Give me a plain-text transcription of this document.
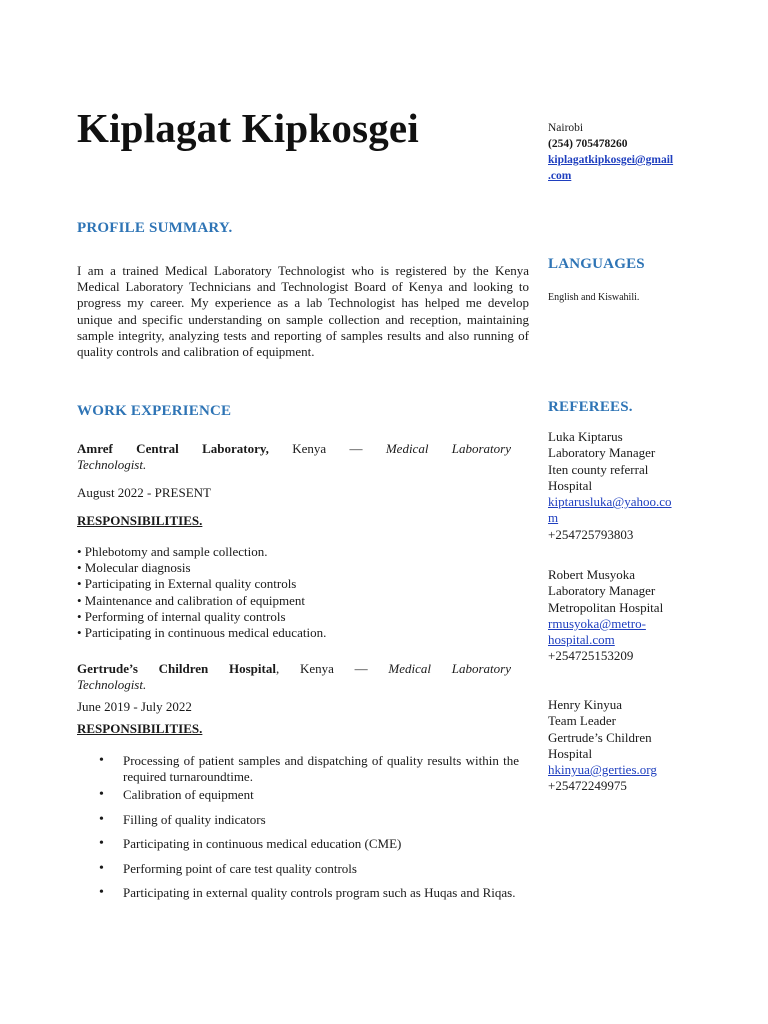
Kiplagat Kipkosgei	Nairobi
(254) 705478260
kiplagatkipkosgei@gmail
.com
PROFILE SUMMARY.
I am a trained Medical Laboratory Technologist who is registered by the Kenya Medical Laboratory Technicians and Technologist Board of Kenya and looking to progress my career. My experience as a lab Technologist has helped me develop unique and specific understanding on sample collection and reception, maintaining sample integrity, analyzing tests and reporting of samples results and also running of quality controls and calibration of equipment.
LANGUAGES
English and Kiswahili.
WORK EXPERIENCE
Amref Central Laboratory, Kenya — Medical Laboratory
Technologist.
August 2022 - PRESENT
RESPONSIBILITIES.
• Phlebotomy and sample collection.
• Molecular diagnosis
• Participating in External quality controls
• Maintenance and calibration of equipment
• Performing of internal quality controls
• Participating in continuous medical education.
Gertrude’s Children Hospital, Kenya — Medical Laboratory
Technologist.
June 2019 - July 2022
RESPONSIBILITIES.
• Processing of patient samples and dispatching of quality results within the required turnaroundtime.
• Calibration of equipment
• Filling of quality indicators
• Participating in continuous medical education (CME)
• Performing point of care test quality controls
• Participating in external quality controls program such as Huqas and Riqas.
REFEREES.
Luka Kiptarus
Laboratory Manager
Iten county referral
Hospital
kiptarusluka@yahoo.co
m
+254725793803
Robert Musyoka
Laboratory Manager
Metropolitan Hospital
rmusyoka@metro-
hospital.com
+254725153209
Henry Kinyua
Team Leader
Gertrude’s Children
Hospital
hkinyua@gerties.org
+25472249975
